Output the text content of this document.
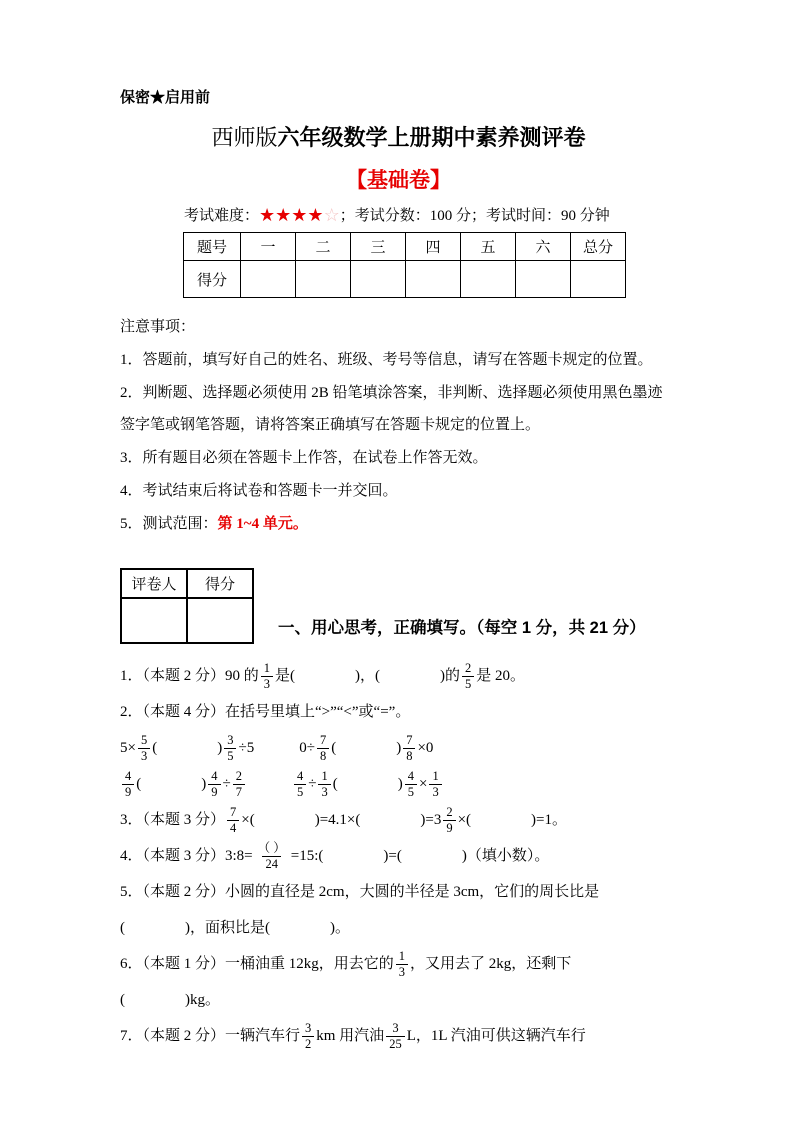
保密★启用前
西师版六年级数学上册期中素养测评卷
【基础卷】
考试难度：★★★★☆；考试分数：100 分；考试时间：90 分钟
题号	一	二	三	四	五	六	总分
得分							

注意事项：

1．答题前，填写好自己的姓名、班级、考号等信息，请写在答题卡规定的位置。

2．判断题、选择题必须使用 2B 铅笔填涂答案，非判断、选择题必须使用黑色墨迹签字笔或钢笔答题，请将答案正确填写在答题卡规定的位置上。

3．所有题目必须在答题卡上作答，在试卷上作答无效。

4．考试结束后将试卷和答题卡一并交回。

5．测试范围：第 1~4 单元。

评卷人	得分

一、用心思考，正确填写。（每空 1 分，共 21 分）
1．（本题 2 分）90 的 $\frac{1}{3}$ 是(　　　　)，(　　　　)的 $\frac{2}{5}$ 是 20。
2．（本题 4 分）在括号里填上“>”“<”或“=”。
$5\times \frac{5}{3}$ (　　　　) $\frac{3}{5} \div 5$
　　　	$0\div \frac{7}{8}$ (　　　　) $\frac{7}{8} \times 0$
$\frac{4}{9}$ (　　　　) $\frac{4}{9} \div \frac{2}{7}$
　　　	$\frac{4}{5} \div \frac{1}{3}$ (　　　　) $\frac{4}{5} \times \frac{1}{3}$
3．（本题 3 分） $\frac{7}{4}$ ×(　　　　)=4.1×(　　　　)$=3 \frac{2}{9}$ ×(　　　　)=1。
4．（本题 3 分）3:8= $\frac{( )}{24}$ =15:(　　　　)=(　　　　)（填小数）。
5．（本题 2 分）小圆的直径是 2cm，大圆的半径是 3cm，它们的周长比是
(　　　　)，面积比是(　　　　)。
6．（本题 1 分）一桶油重 12kg，用去它的 $\frac{1}{3}$ ，又用去了 2kg，还剩下
(　　　　)kg。
7．（本题 2 分）一辆汽车行 $\frac{3}{2}$ km 用汽油 $\frac{3}{25}$ L，1L 汽油可供这辆汽车行
